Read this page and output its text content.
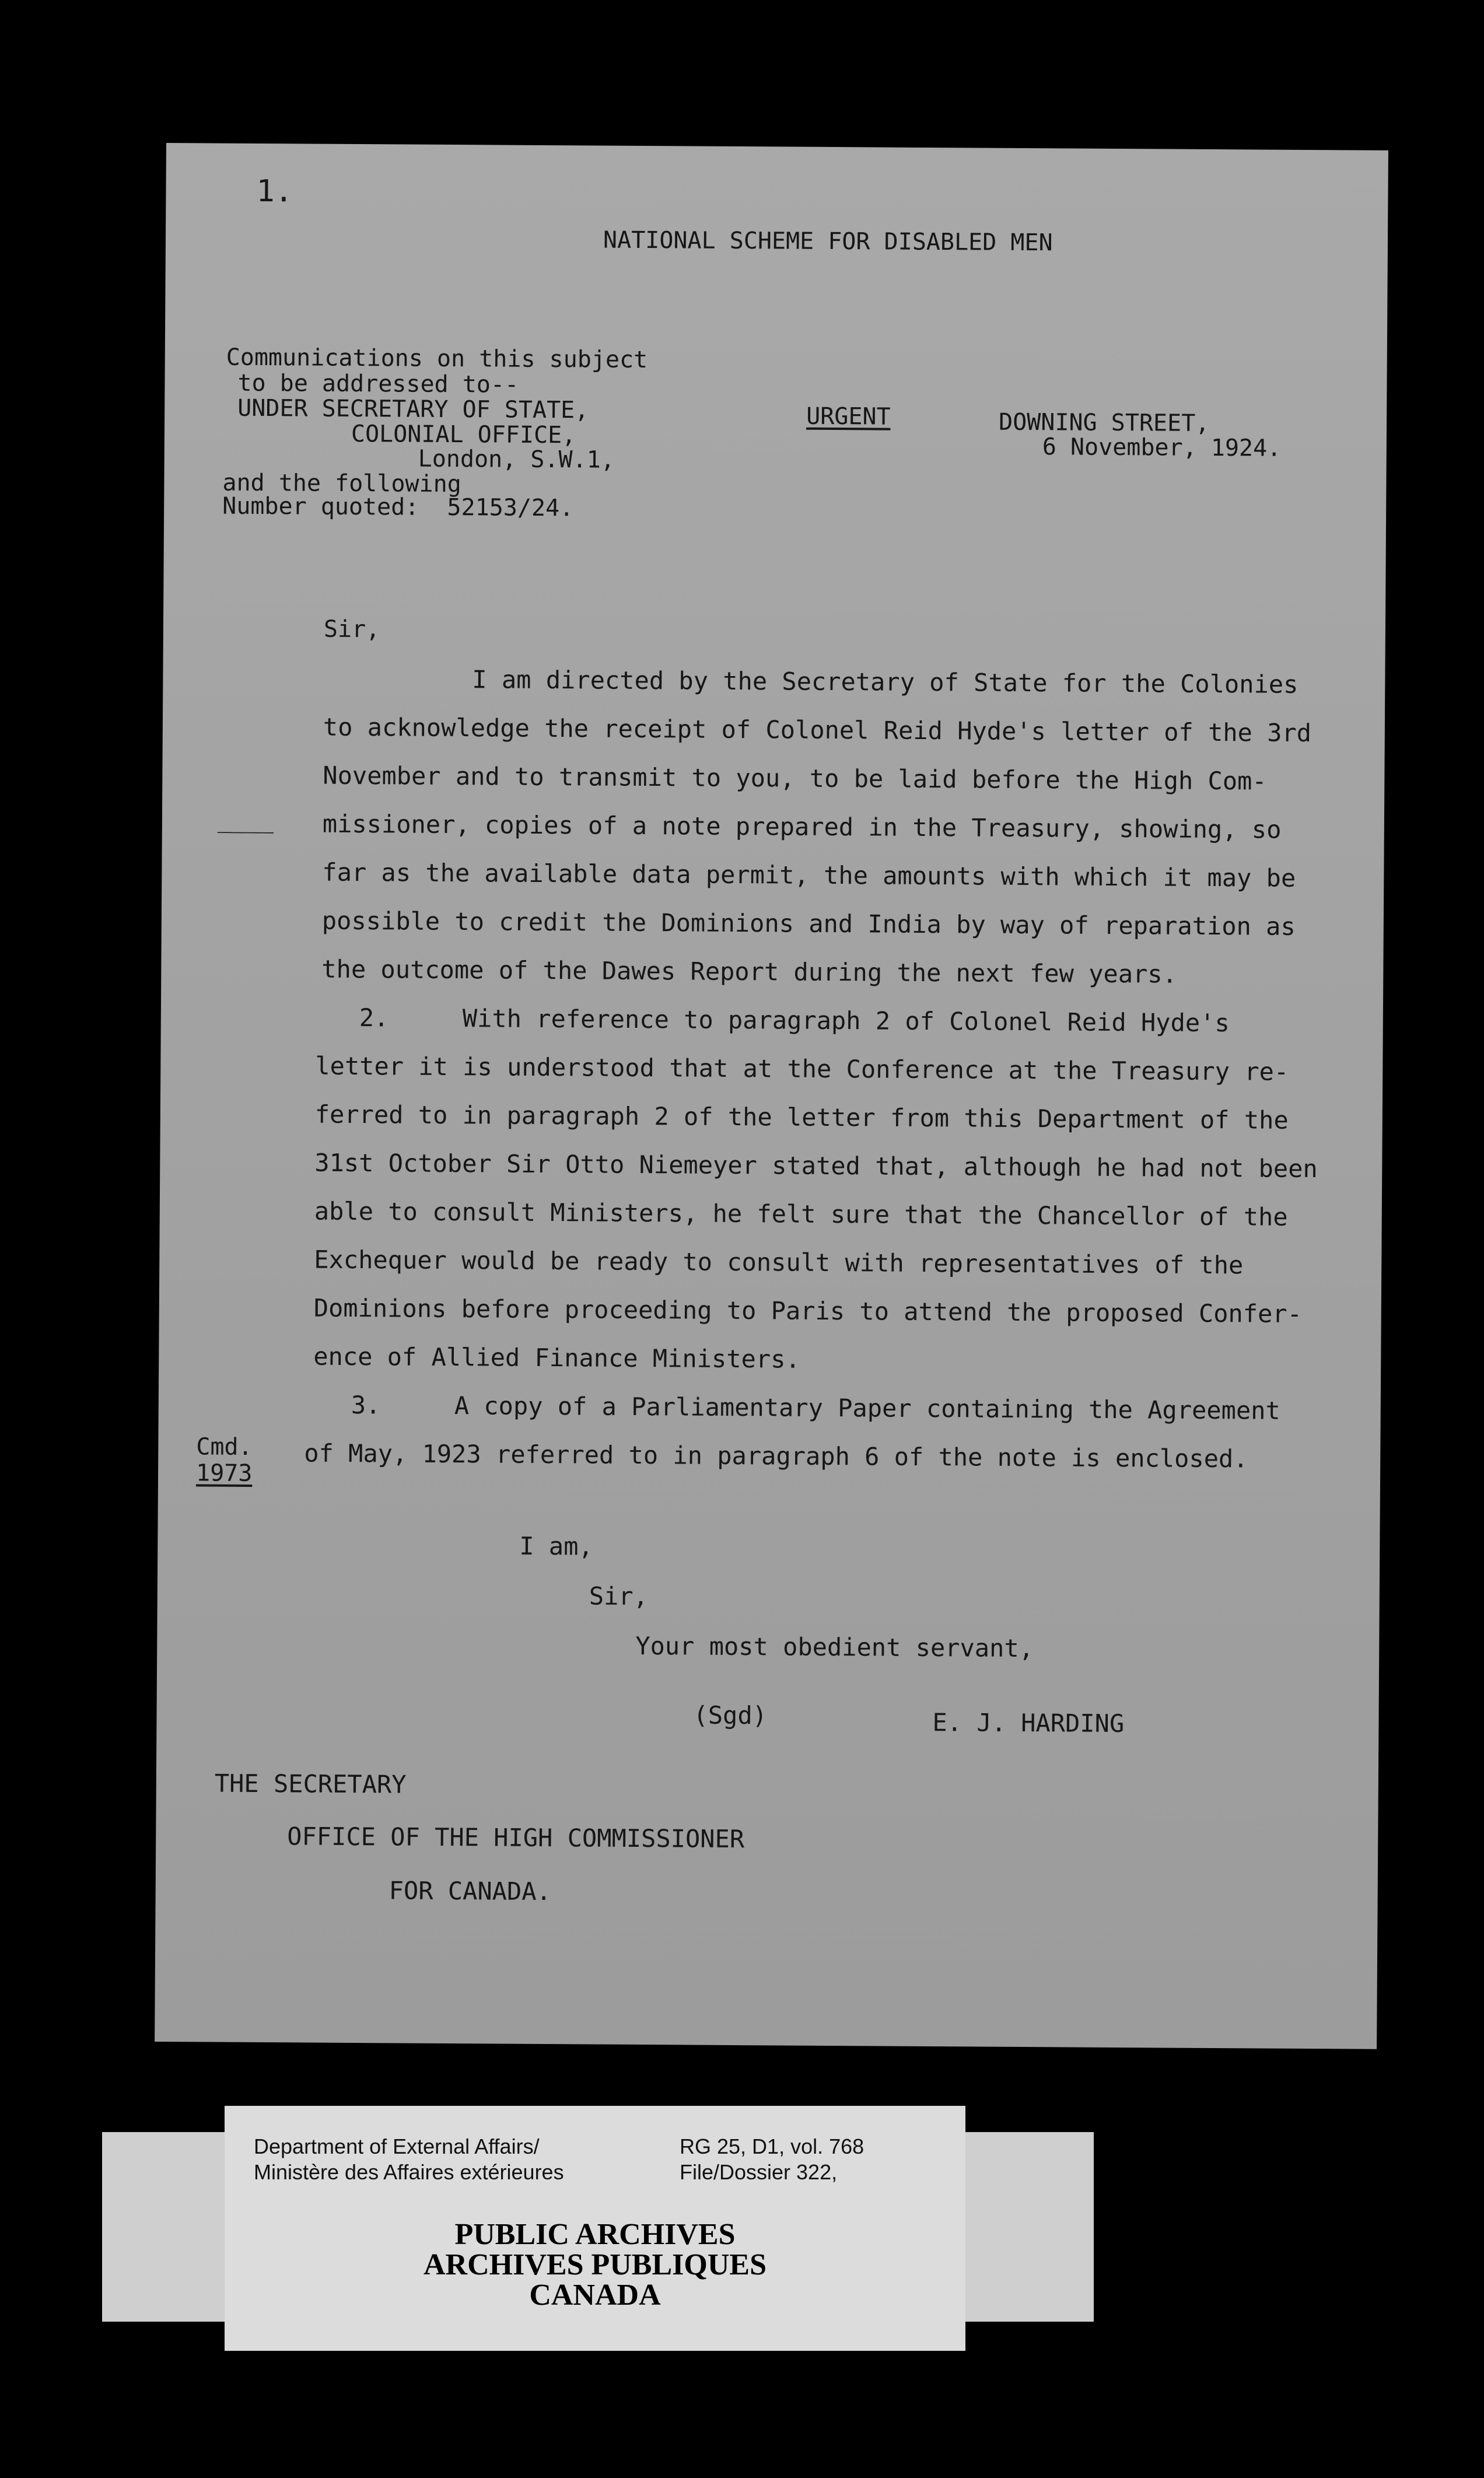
1.
NATIONAL SCHEME FOR DISABLED MEN
Communications on this subject
to be addressed to--
UNDER SECRETARY OF STATE,
COLONIAL OFFICE,
London, S.W.1,
and the following
Number quoted:  52153/24.
URGENT	DOWNING STREET,
6 November, 1924.
Sir,
I am directed by the Secretary of State for the Colonies
to acknowledge the receipt of Colonel Reid Hyde's letter of the 3rd
November and to transmit to you, to be laid before the High Com-
missioner, copies of a note prepared in the Treasury, showing, so
far as the available data permit, the amounts with which it may be
possible to credit the Dominions and India by way of reparation as
the outcome of the Dawes Report during the next few years.
2.     With reference to paragraph 2 of Colonel Reid Hyde's
letter it is understood that at the Conference at the Treasury re-
ferred to in paragraph 2 of the letter from this Department of the
31st October Sir Otto Niemeyer stated that, although he had not been
able to consult Ministers, he felt sure that the Chancellor of the
Exchequer would be ready to consult with representatives of the
Dominions before proceeding to Paris to attend the proposed Confer-
ence of Allied Finance Ministers.
3.     A copy of a Parliamentary Paper containing the Agreement
of May, 1923 referred to in paragraph 6 of the note is enclosed.
____
Cmd.
1973
I am,
Sir,
Your most obedient servant,
(Sgd)	E. J. HARDING
THE SECRETARY
OFFICE OF THE HIGH COMMISSIONER
FOR CANADA.
Department of External Affairs/
Ministère des Affaires extérieures
RG 25, D1, vol. 768
File/Dossier 322,
PUBLIC ARCHIVES
ARCHIVES PUBLIQUES
CANADA
